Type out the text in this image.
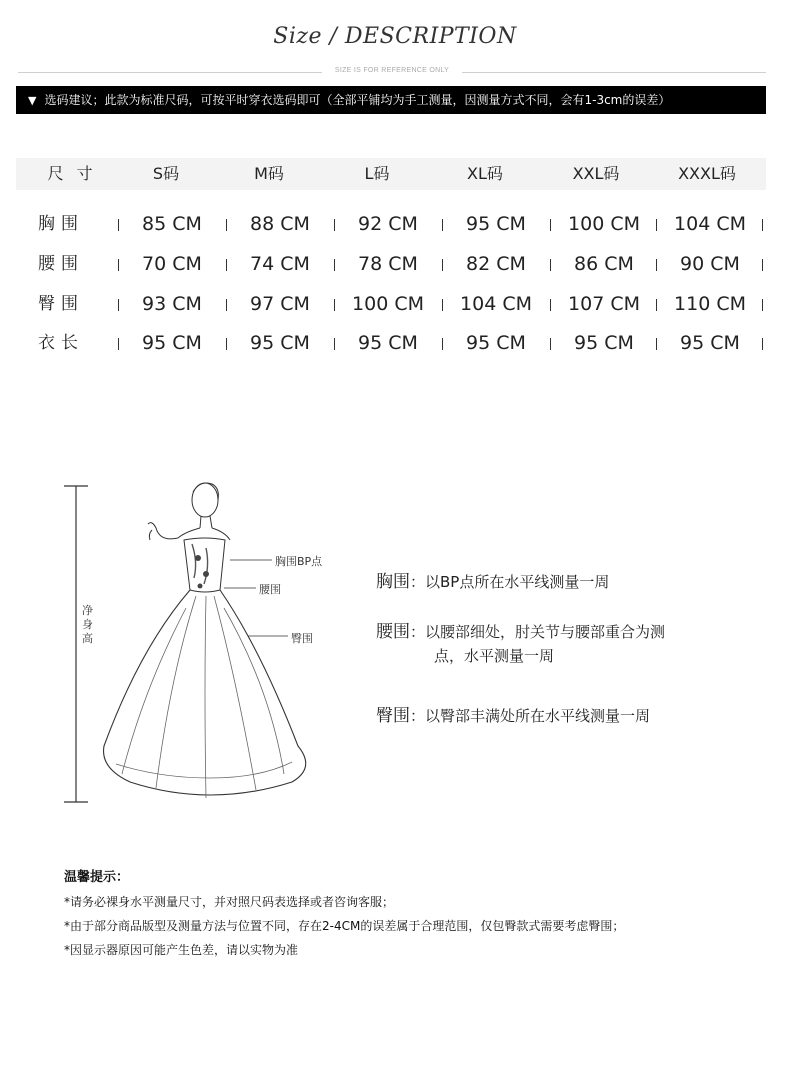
Size / DESCRIPTION
SIZE IS FOR REFERENCE ONLY
▼ 选码建议；此款为标准尺码，可按平时穿衣选码即可（全部平铺均为手工测量，因测量方式不同，会有1-3cm的误差）
尺 寸	S码	M码	L码	XL码	XXL码	XXXL码
胸围	85 CM	88 CM	92 CM	95 CM	100 CM	104 CM
腰围	70 CM	74 CM	78 CM	82 CM	86 CM	90 CM
臀围	93 CM	97 CM	100 CM	104 CM	107 CM	110 CM
衣长	95 CM	95 CM	95 CM	95 CM	95 CM	95 CM
净身高
胸围BP点
腰围
臀围
胸围：以BP点所在水平线测量一周
腰围：以腰部细处，肘关节与腰部重合为测
点，水平测量一周
臀围：以臀部丰满处所在水平线测量一周
温馨提示：
*请务必裸身水平测量尺寸，并对照尺码表选择或者咨询客服；
*由于部分商品版型及测量方法与位置不同，存在2-4CM的误差属于合理范围，仅包臀款式需要考虑臀围；
*因显示器原因可能产生色差，请以实物为准
